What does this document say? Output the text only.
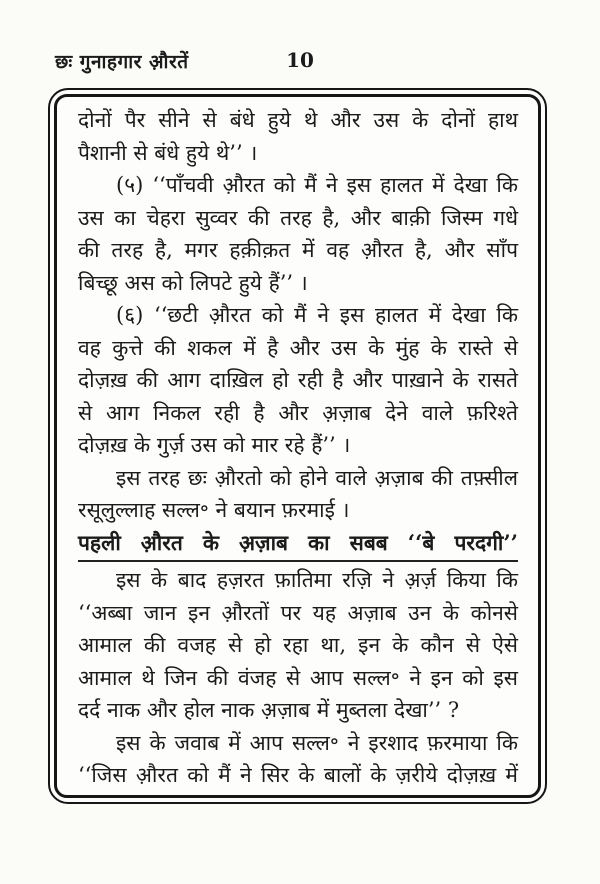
छः गुनाहगार औ़रतें	10
दोनों पैर सीने से बंधे हुये थे और उस के दोनों हाथ
पैशानी से बंधे हुये थे’’ ।
(५) ‘‘पाँचवी औ़रत को मैं ने इस हालत में देखा कि
उस का चेहरा सुव्वर की तरह है, और बाक़ी जिस्म गधे
की तरह है, मगर हक़ीक़त में वह औ़रत है, और साँप
बिच्छू अस को लिपटे हुये हैं’’ ।
(६) ‘‘छटी औ़रत को मैं ने इस हालत में देखा कि
वह कुत्ते की शकल में है और उस के मुंह के रास्ते से
दोज़ख़ की आग दाख़िल हो रही है और पाख़ाने के रासते
से आग निकल रही है और अ़ज़ाब देने वाले फ़रिश्ते
दोज़ख़ के गुर्ज़ उस को मार रहे हैं’’ ।
इस तरह छः औ़रतो को होने वाले अ़ज़ाब की तफ़्सील
रसूलुल्लाह सल्ल॰ ने बयान फ़रमाई ।
पहली औ़रत के अ़ज़ाब का सबब ‘‘बे परदगी’’
इस के बाद हज़रत फ़ातिमा रज़ि ने अ़र्ज़ किया कि
‘‘अब्बा जान इन औ़रतों पर यह अज़ाब उन के कोनसे
आमाल की वजह से हो रहा था, इन के कौन से ऐसे
आमाल थे जिन की वंजह से आप सल्ल॰ ने इन को इस
दर्द नाक और होल नाक अ़ज़ाब में मुब्तला देखा’’ ?
इस के जवाब में आप सल्ल॰ ने इरशाद फ़रमाया कि
‘‘जिस औ़रत को मैं ने सिर के बालों के ज़रीये दोज़ख़ में
